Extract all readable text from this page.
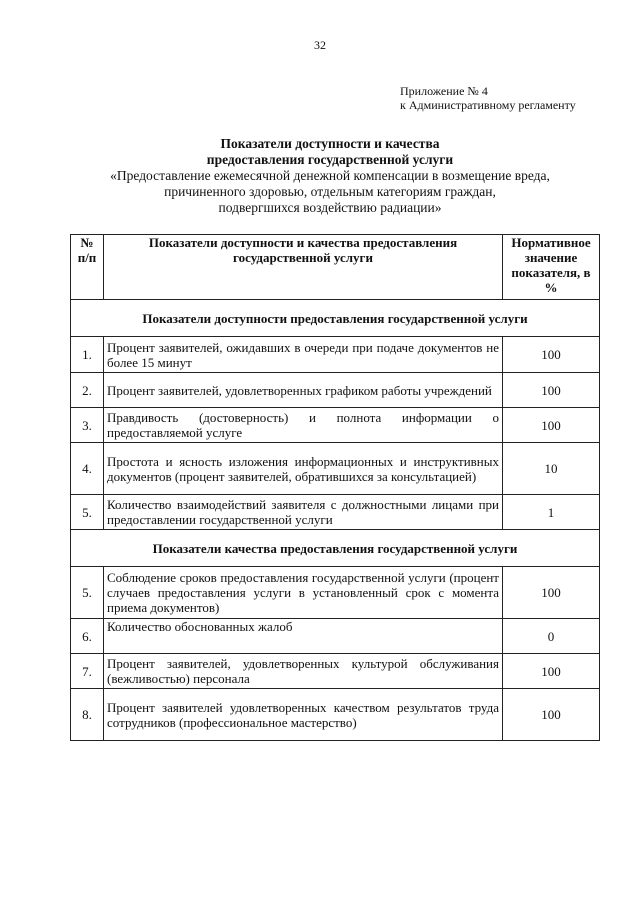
32
Приложение № 4
к Административному регламенту
Показатели доступности и качества
предоставления государственной услуги
«Предоставление ежемесячной денежной компенсации в возмещение вреда,
причиненного здоровью, отдельным категориям граждан,
подвергшихся воздействию радиации»
№ п/п	Показатели доступности и качества предоставления государственной услуги	Нормативное значение показателя, в %
Показатели доступности предоставления государственной услуги		
1.	Процент заявителей, ожидавших в очереди при подаче документов не более 15 минут	100
2.	Процент заявителей, удовлетворенных графиком работы учреждений	100
3.	Правдивость (достоверность) и полнота информации о предоставляемой услуге	100
4.	Простота и ясность изложения информационных и инструктивных документов (процент заявителей, обратившихся за консультацией)	10
5.	Количество взаимодействий заявителя с должностными лицами при предоставлении государственной услуги	1
Показатели качества предоставления государственной услуги		
5.	Соблюдение сроков предоставления государственной услуги (процент случаев предоставления услуги в установленный срок с момента приема документов)	100
6.	Количество обоснованных жалоб	0
7.	Процент заявителей, удовлетворенных культурой обслуживания (вежливостью) персонала	100
8.	Процент заявителей удовлетворенных качеством результатов труда сотрудников (профессиональное мастерство)	100
